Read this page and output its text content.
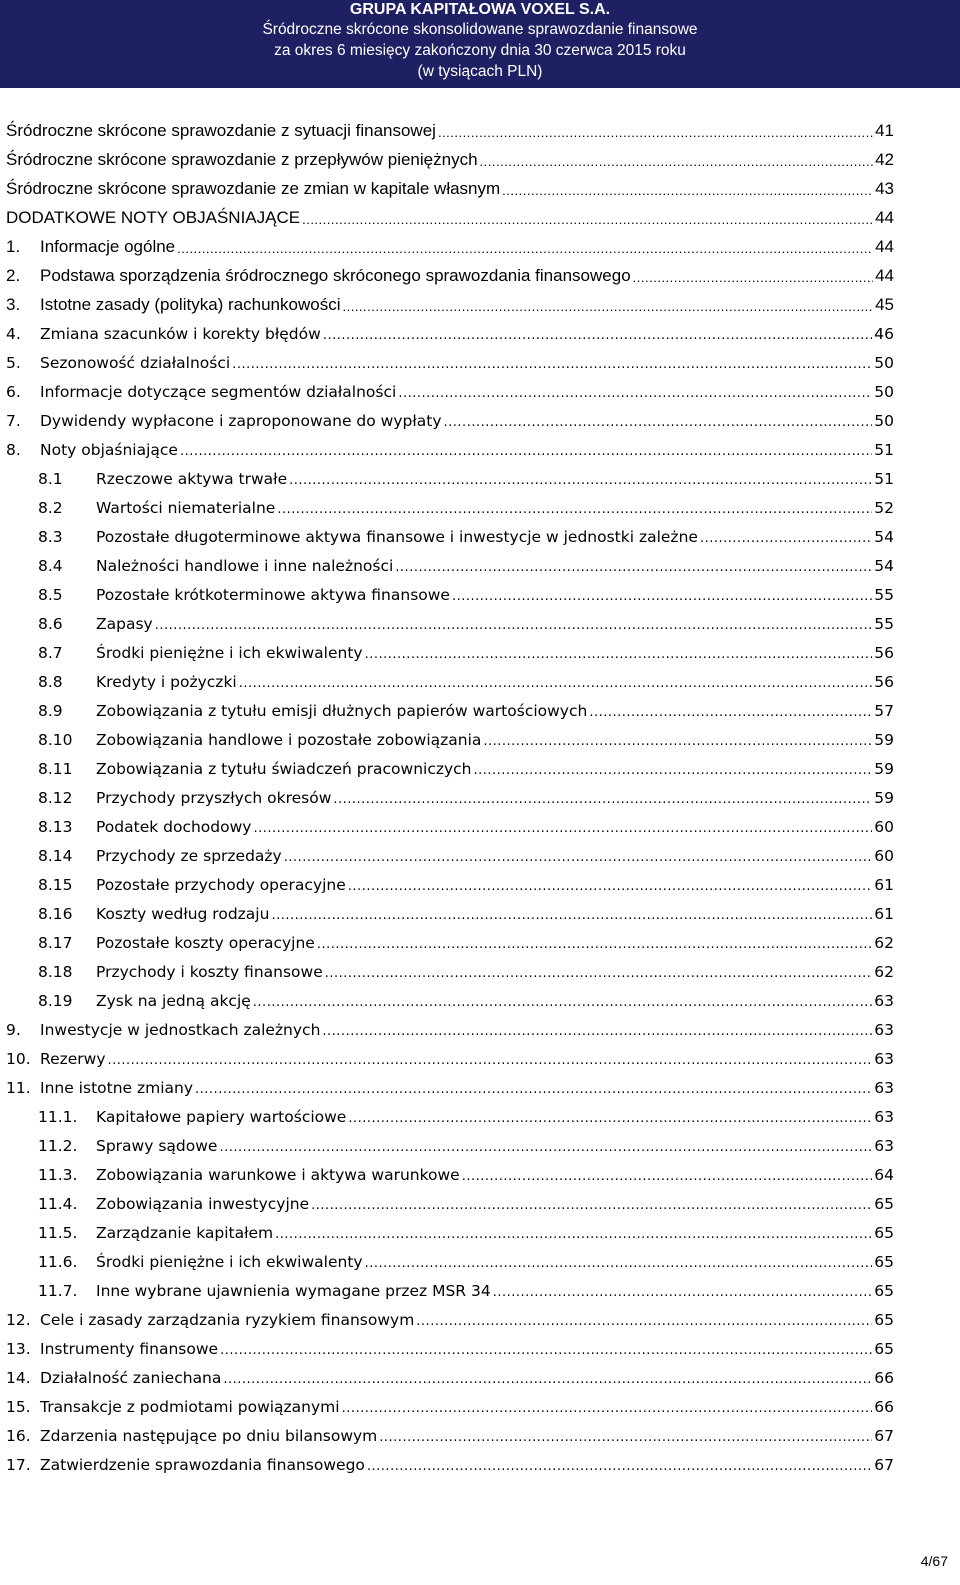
GRUPA KAPITAŁOWA VOXEL S.A.
Śródroczne skrócone skonsolidowane sprawozdanie finansowe
za okres 6 miesięcy zakończony dnia 30 czerwca 2015 roku
(w tysiącach PLN)
Śródroczne skrócone sprawozdanie z sytuacji finansowej .....	41
Śródroczne skrócone sprawozdanie z przepływów pieniężnych .....	42
Śródroczne skrócone sprawozdanie ze zmian w kapitale własnym .....	43
DODATKOWE NOTY OBJAŚNIAJĄCE .....	44
1.	Informacje ogólne .....	44
2.	Podstawa sporządzenia śródrocznego skróconego sprawozdania finansowego .....	44
3.	Istotne zasady (polityka) rachunkowości .....	45
4.	Zmiana szacunków i korekty błędów .....	46
5.	Sezonowość działalności .....	50
6.	Informacje dotyczące segmentów działalności .....	50
7.	Dywidendy wypłacone i zaproponowane do wypłaty .....	50
8.	Noty objaśniające .....	51
8.1	Rzeczowe aktywa trwałe .....	51
8.2	Wartości niematerialne .....	52
8.3	Pozostałe długoterminowe aktywa finansowe i inwestycje w jednostki zależne .....	54
8.4	Należności handlowe i inne należności .....	54
8.5	Pozostałe krótkoterminowe aktywa finansowe .....	55
8.6	Zapasy .....	55
8.7	Środki pieniężne i ich ekwiwalenty .....	56
8.8	Kredyty i pożyczki .....	56
8.9	Zobowiązania z tytułu emisji dłużnych papierów wartościowych .....	57
8.10	Zobowiązania handlowe i pozostałe zobowiązania .....	59
8.11	Zobowiązania z tytułu świadczeń pracowniczych .....	59
8.12	Przychody przyszłych okresów .....	59
8.13	Podatek dochodowy .....	60
8.14	Przychody ze sprzedaży .....	60
8.15	Pozostałe przychody operacyjne .....	61
8.16	Koszty według rodzaju .....	61
8.17	Pozostałe koszty operacyjne .....	62
8.18	Przychody i koszty finansowe .....	62
8.19	Zysk na jedną akcję .....	63
9.	Inwestycje w jednostkach zależnych .....	63
10. Rezerwy .....	63
11. Inne istotne zmiany .....	63
11.1.	Kapitałowe papiery wartościowe .....	63
11.2.	Sprawy sądowe .....	63
11.3.	Zobowiązania warunkowe i aktywa warunkowe .....	64
11.4.	Zobowiązania inwestycyjne .....	65
11.5.	Zarządzanie kapitałem .....	65
11.6.	Środki pieniężne i ich ekwiwalenty .....	65
11.7.	Inne wybrane ujawnienia wymagane przez MSR 34 .....	65
12. Cele i zasady zarządzania ryzykiem finansowym .....	65
13. Instrumenty finansowe .....	65
14. Działalność zaniechana .....	66
15. Transakcje z podmiotami powiązanymi .....	66
16. Zdarzenia następujące po dniu bilansowym .....	67
17. Zatwierdzenie sprawozdania finansowego .....	67
4/67
